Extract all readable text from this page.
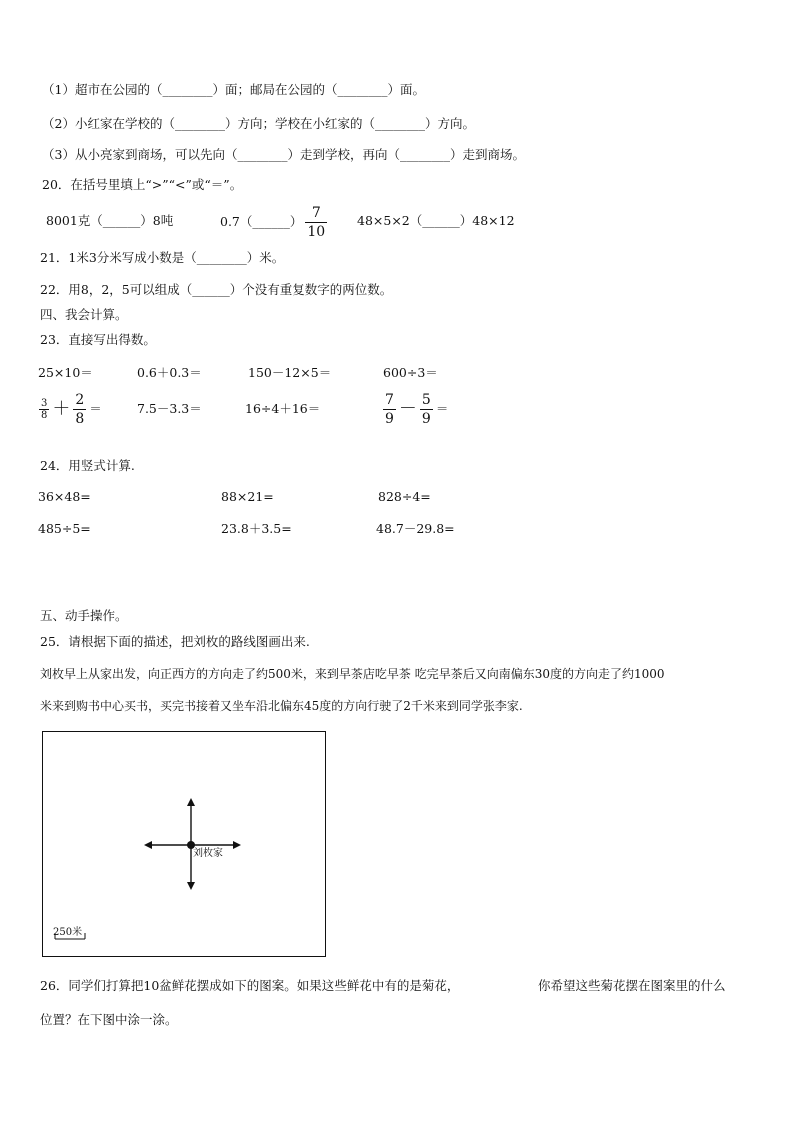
（1）超市在公园的（________）面；邮局在公园的（________）面。
（2）小红家在学校的（________）方向；学校在小红家的（________）方向。
（3）从小亮家到商场，可以先向（________）走到学校，再向（________）走到商场。
20．在括号里填上“>”“<”或“＝”。
8001克（______）8吨	0.7（______） $\frac{7}{10}$ 48×5×2（______）48×12
21．1米3分米写成小数是（________）米。
22．用8，2，5可以组成（______）个没有重复数字的两位数。
四、我会计算。
23．直接写出得数。
25×10＝	0.6＋0.3＝	150－12×5＝	600÷3＝
$\frac{3}{8} + \frac{2}{8}$ ＝	7.5－3.3＝	16÷4＋16＝	$\frac{7}{9} - \frac{5}{9}$ ＝
24．用竖式计算.
36×48=	88×21=	828÷4=
485÷5=	23.8＋3.5=	48.7－29.8=
五、动手操作。
25．请根据下面的描述，把刘枚的路线图画出来.
刘枚早上从家出发，向正西方的方向走了约500米，来到早茶店吃早茶 吃完早茶后又向南偏东30度的方向走了约1000
米来到购书中心买书，买完书接着又坐车沿北偏东45度的方向行驶了2千米来到同学张李家.
刘枚家
250米
26．同学们打算把10盆鲜花摆成如下的图案。如果这些鲜花中有的是菊花，	你希望这些菊花摆在图案里的什么
位置？在下图中涂一涂。
